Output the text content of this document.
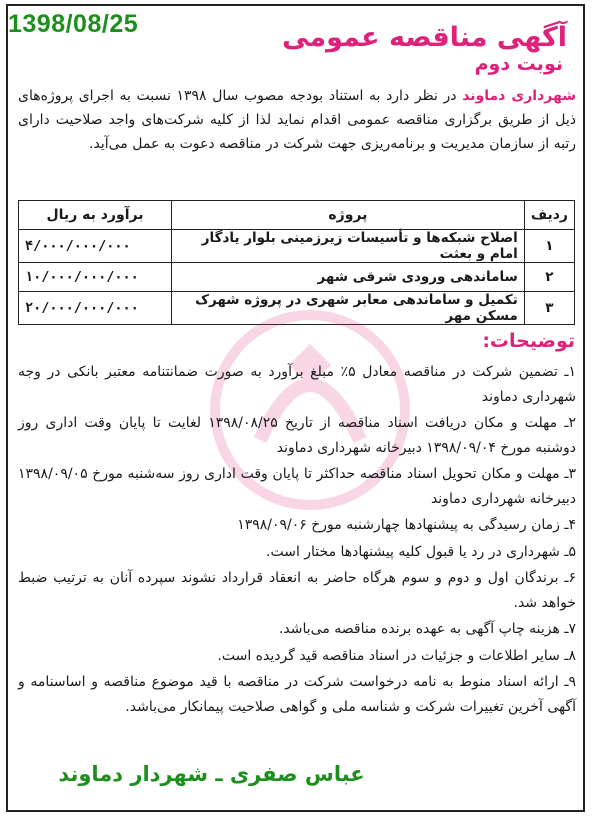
1398/08/25	آگهی مناقصه عمومی نوبت دوم
شهرداری دماوند در نظر دارد به استناد بودجه مصوب سال ۱۳۹۸ نسبت به اجرای پروژه‌های ذیل از طریق برگزاری مناقصه عمومی اقدام نماید لذا از کلیه شرکت‌های واجد صلاحیت دارای رتبه از سازمان مدیریت و برنامه‌ریزی جهت شرکت در مناقصه دعوت به عمل می‌آید.
ردیف	پروژه	برآورد به ریال
۱	اصلاح شبکه‌ها و تأسیسات زیرزمینی بلوار یادگار امام و بعثت	۴/۰۰۰/۰۰۰/۰۰۰
۲	ساماندهی ورودی شرقی شهر	۱۰/۰۰۰/۰۰۰/۰۰۰
۳	تکمیل و ساماندهی معابر شهری در پروژه شهرک مسکن مهر	۲۰/۰۰۰/۰۰۰/۰۰۰
توضیحات:

۱ـ تضمین شرکت در مناقصه معادل ۵٪ مبلغ برآورد به صورت ضمانتنامه معتبر بانکی در وجه شهرداری دماوند

۲ـ مهلت و مکان دریافت اسناد مناقصه از تاریخ ۱۳۹۸/۰۸/۲۵ لغایت تا پایان وقت اداری روز دوشنبه مورخ ۱۳۹۸/۰۹/۰۴ دبیرخانه شهرداری دماوند

۳ـ مهلت و مکان تحویل اسناد مناقصه حداکثر تا پایان وقت اداری روز سه‌شنبه مورخ ۱۳۹۸/۰۹/۰۵ دبیرخانه شهرداری دماوند

۴ـ زمان رسیدگی به پیشنهادها چهارشنبه مورخ ۱۳۹۸/۰۹/۰۶

۵ـ شهرداری در رد یا قبول کلیه پیشنهادها مختار است.

۶ـ برندگان اول و دوم و سوم هرگاه حاضر به انعقاد قرارداد نشوند سپرده آنان به ترتیب ضبط خواهد شد.

۷ـ هزینه چاپ آگهی به عهده برنده مناقصه می‌باشد.

۸ـ سایر اطلاعات و جزئیات در اسناد مناقصه قید گردیده است.

۹ـ ارائه اسناد منوط به نامه درخواست شرکت در مناقصه با قید موضوع مناقصه و اساسنامه و آگهی آخرین تغییرات شرکت و شناسه ملی و گواهی صلاحیت پیمانکار می‌باشد.

عباس صفری ـ شهردار دماوند
